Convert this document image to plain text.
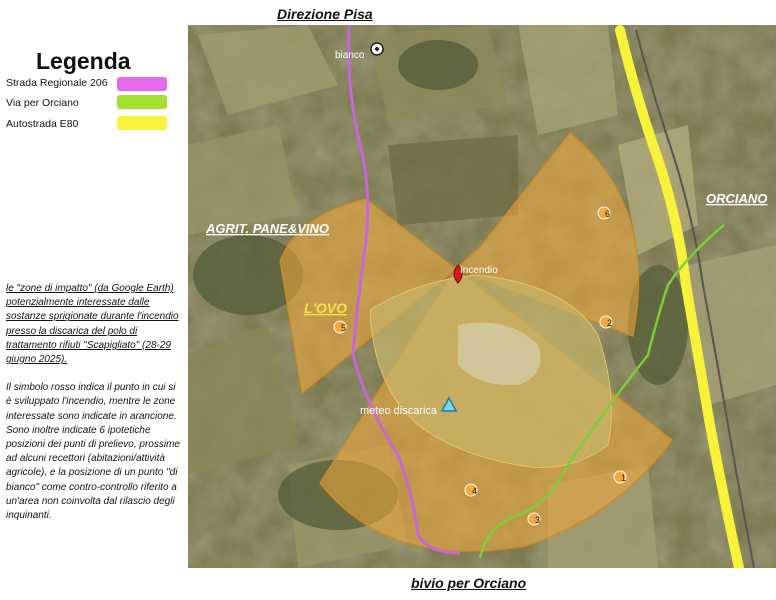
Legenda
Strada Regionale 206
Via per Orciano
Autostrada E80
Direzione Pisa
bivio per Orciano

le "zone di impatto" (da Google Earth) potenzialmente interessate dalle sostanze sprigionate durante l'incendio presso la discarica del polo di trattamento rifiuti "Scapigliato" (28-29 giugno 2025).

Il simbolo rosso indica il punto in cui si è sviluppato l'incendio, mentre le zone interessate sono indicate in arancione. Sono inoltre indicate 6 ipotetiche posizioni dei punti di prelievo, prossime ad alcuni recettori (abitazioni/attività agricole), e la posizione di un punto "di bianco" come contro-controllo riferito a un'area non coinvolta dal rilascio degli inquinanti.

bianco
Incendio
meteo discarica
1
2
3
4
5
6
ORCIANO
AGRIT. PANE&VINO
L'OVO
